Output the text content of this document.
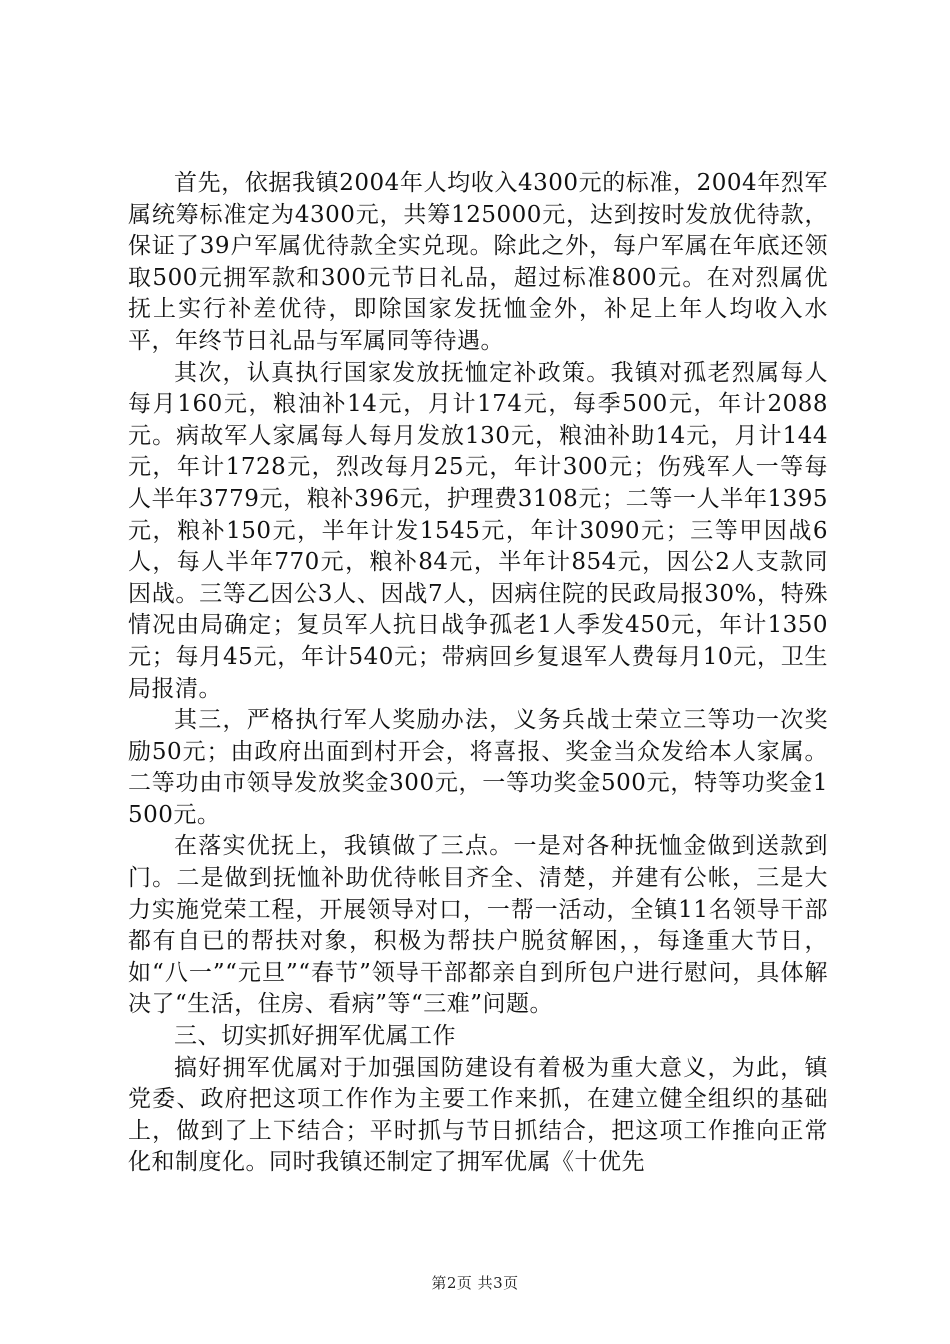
首先，依据我镇2004年人均收入4300元的标准，2004年烈军属统筹标准定为4300元，共筹125000元，达到按时发放优待款，保证了39户军属优待款全实兑现。除此之外，每户军属在年底还领取500元拥军款和300元节日礼品，超过标准800元。在对烈属优抚上实行补差优待，即除国家发抚恤金外，补足上年人均收入水平，年终节日礼品与军属同等待遇。

其次，认真执行国家发放抚恤定补政策。我镇对孤老烈属每人每月160元，粮油补14元，月计174元，每季500元，年计2088元。病故军人家属每人每月发放130元，粮油补助14元，月计144元，年计1728元，烈改每月25元，年计300元；伤残军人一等每人半年3779元，粮补396元，护理费3108元；二等一人半年1395元，粮补150元，半年计发1545元，年计3090元；三等甲因战6人，每人半年770元，粮补84元，半年计854元，因公2人支款同因战。三等乙因公3人、因战7人，因病住院的民政局报30%，特殊情况由局确定；复员军人抗日战争孤老1人季发450元，年计1350元；每月45元，年计540元；带病回乡复退军人费每月10元，卫生局报清。

其三，严格执行军人奖励办法，义务兵战士荣立三等功一次奖励50元；由政府出面到村开会，将喜报、奖金当众发给本人家属。二等功由市领导发放奖金300元，一等功奖金500元，特等功奖金1500元。

在落实优抚上，我镇做了三点。一是对各种抚恤金做到送款到门。二是做到抚恤补助优待帐目齐全、清楚，并建有公帐，三是大力实施党荣工程，开展领导对口，一帮一活动，全镇11名领导干部都有自已的帮扶对象，积极为帮扶户脱贫解困，，每逢重大节日，如“八一”“元旦”“春节”领导干部都亲自到所包户进行慰问，具体解决了“生活，住房、看病”等“三难”问题。

三、切实抓好拥军优属工作

搞好拥军优属对于加强国防建设有着极为重大意义，为此，镇党委、政府把这项工作作为主要工作来抓，在建立健全组织的基础上，做到了上下结合；平时抓与节日抓结合，把这项工作推向正常化和制度化。同时我镇还制定了拥军优属《十优先

第2页 共3页
